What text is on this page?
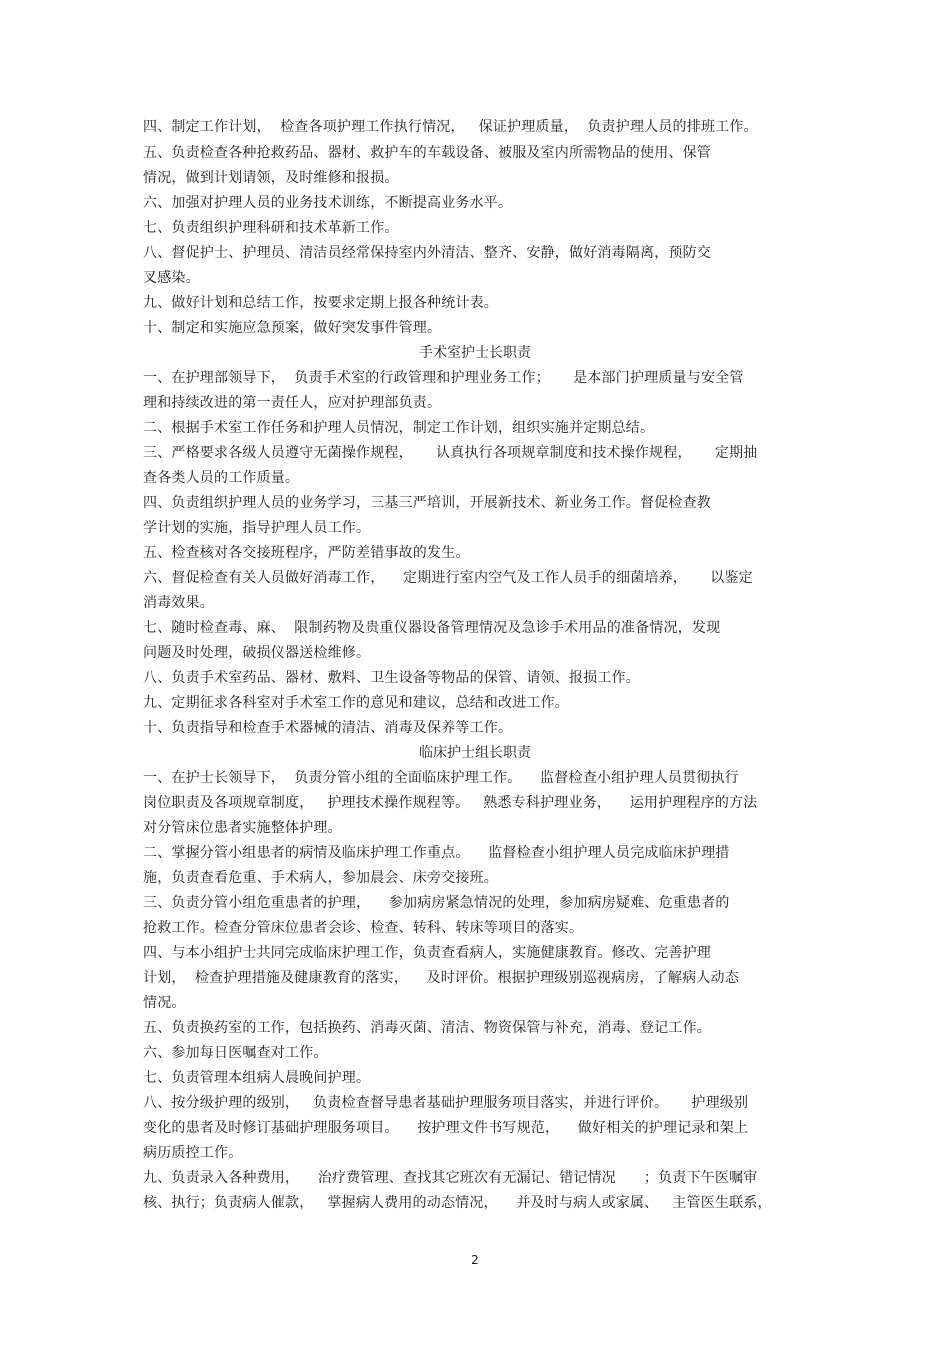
四、制定工作计划，  检查各项护理工作执行情况，   保证护理质量，  负责护理人员的排班工作。
五、负责检查各种抢救药品、器材、救护车的车载设备、被服及室内所需物品的使用、保管
情况，做到计划请领，及时维修和报损。
六、加强对护理人员的业务技术训练，不断提高业务水平。
七、负责组织护理科研和技术革新工作。
八、督促护士、护理员、清洁员经常保持室内外清洁、整齐、安静，做好消毒隔离，预防交
叉感染。
九、做好计划和总结工作，按要求定期上报各种统计表。
十、制定和实施应急预案，做好突发事件管理。
手术室护士长职责
一、在护理部领导下，  负责手术室的行政管理和护理业务工作；     是本部门护理质量与安全管
理和持续改进的第一责任人，应对护理部负责。
二、根据手术室工作任务和护理人员情况，制定工作计划，组织实施并定期总结。
三、严格要求各级人员遵守无菌操作规程，     认真执行各项规章制度和技术操作规程，     定期抽
查各类人员的工作质量。
四、负责组织护理人员的业务学习，三基三严培训，开展新技术、新业务工作。督促检查教
学计划的实施，指导护理人员工作。
五、检查核对各交接班程序，严防差错事故的发生。
六、督促检查有关人员做好消毒工作，    定期进行室内空气及工作人员手的细菌培养，     以鉴定
消毒效果。
七、随时检查毒、麻、  限制药物及贵重仪器设备管理情况及急诊手术用品的准备情况，发现
问题及时处理，破损仪器送检维修。
八、负责手术室药品、器材、敷料、卫生设备等物品的保管、请领、报损工作。
九、定期征求各科室对手术室工作的意见和建议，总结和改进工作。
十、负责指导和检查手术器械的清洁、消毒及保养等工作。
临床护士组长职责
一、在护士长领导下，  负责分管小组的全面临床护理工作。    监督检查小组护理人员贯彻执行
岗位职责及各项规章制度，   护理技术操作规程等。   熟悉专科护理业务，    运用护理程序的方法
对分管床位患者实施整体护理。
二、掌握分管小组患者的病情及临床护理工作重点。    监督检查小组护理人员完成临床护理措
施，负责查看危重、手术病人，参加晨会、床旁交接班。
三、负责分管小组危重患者的护理，    参加病房紧急情况的处理，参加病房疑难、危重患者的
抢救工作。检查分管床位患者会诊、检查、转科、转床等项目的落实。
四、与本小组护士共同完成临床护理工作，负责查看病人，实施健康教育。修改、完善护理
计划，  检查护理措施及健康教育的落实，    及时评价。根据护理级别巡视病房，了解病人动态
情况。
五、负责换药室的工作，包括换药、消毒灭菌、清洁、物资保管与补充，消毒、登记工作。
六、参加每日医嘱查对工作。
七、负责管理本组病人晨晚间护理。
八、按分级护理的级别，   负责检查督导患者基础护理服务项目落实，并进行评价。     护理级别
变化的患者及时修订基础护理服务项目。    按护理文件书写规范，    做好相关的护理记录和架上
病历质控工作。
九、负责录入各种费用，    治疗费管理、查找其它班次有无漏记、错记情况      ；负责下午医嘱审
核、执行；负责病人催款，   掌握病人费用的动态情况，    并及时与病人或家属、   主管医生联系，
2
